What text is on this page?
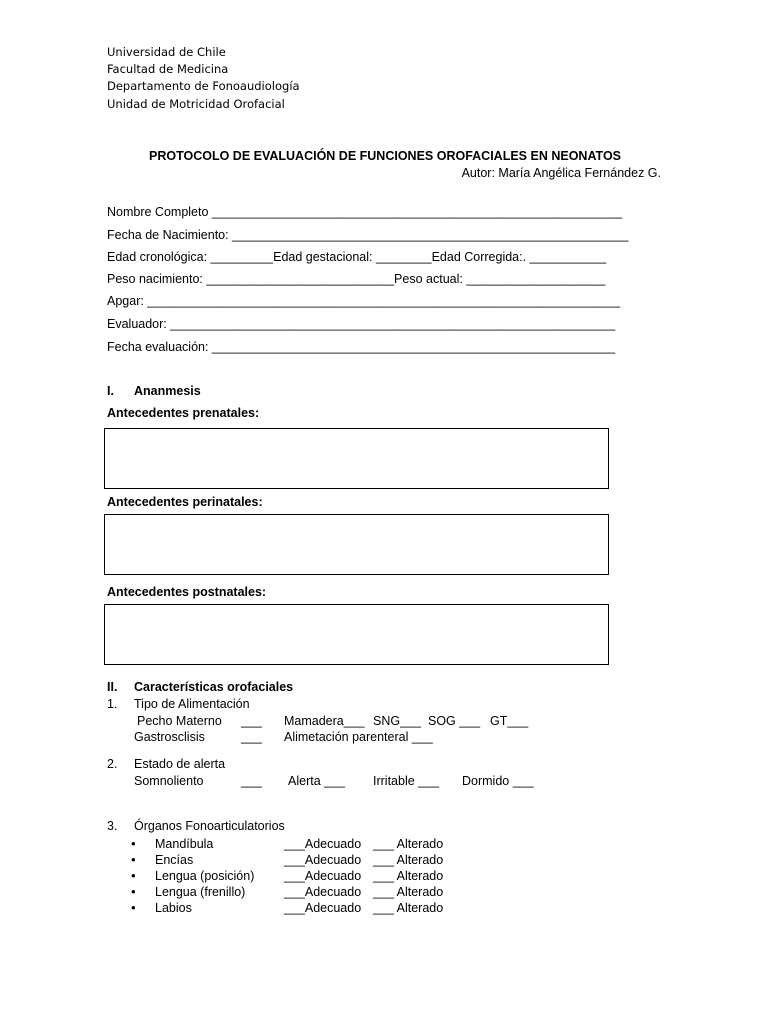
Universidad de Chile
Facultad de Medicina
Departamento de Fonoaudiología
Unidad de Motricidad Orofacial
PROTOCOLO DE EVALUACIÓN DE FUNCIONES OROFACIALES EN NEONATOS
Autor: María Angélica Fernández G.
Nombre Completo ___________________________________________________________
Fecha de Nacimiento: _________________________________________________________
Edad cronológica: _________Edad gestacional: ________Edad Corregida:. ___________
Peso nacimiento: ___________________________Peso actual: ____________________
Apgar: ____________________________________________________________________
Evaluador: ________________________________________________________________
Fecha evaluación: __________________________________________________________
I. Ananmesis
Antecedentes prenatales:
Antecedentes perinatales:
Antecedentes postnatales:
II. Características orofaciales
1. Tipo de Alimentación
Pecho Materno ___ Mamadera___ SNG___ SOG ___ GT___
Gastrosclisis	___ Alimetación parenteral ___
2. Estado de alerta
Somnoliento	___ Alerta ___ Irritable ___ Dormido ___
3. Órganos Fonoarticulatorios
• Mandíbula	___Adecuado ___ Alterado
• Encías	___Adecuado ___ Alterado
• Lengua (posición) ___Adecuado ___ Alterado
• Lengua (frenillo)	___Adecuado ___ Alterado
• Labios	___Adecuado ___ Alterado
